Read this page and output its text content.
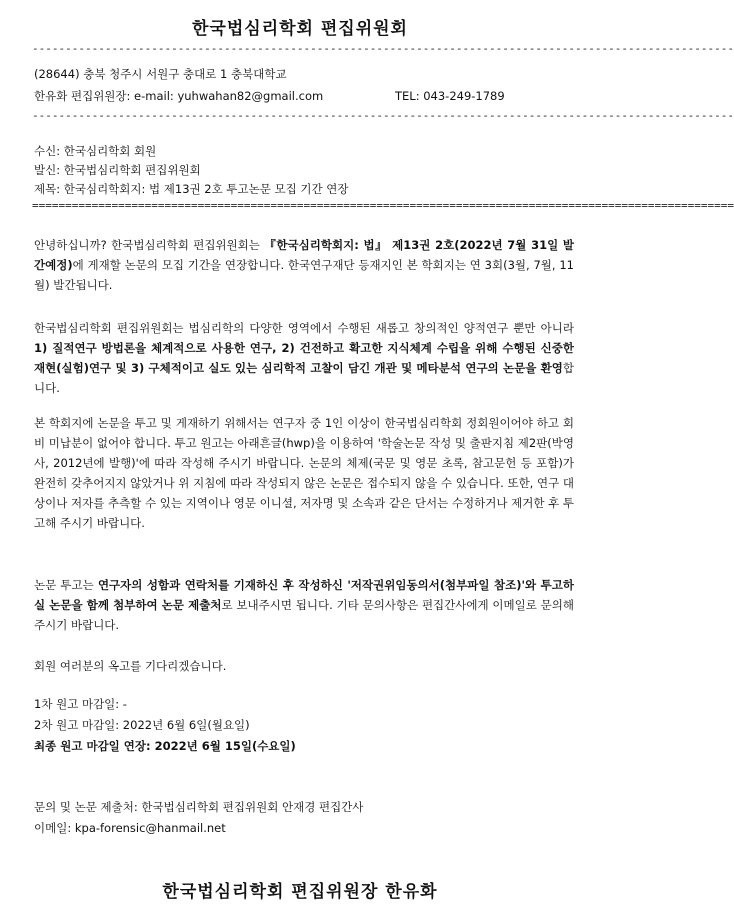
한국법심리학회 편집위원회
----------------------------------------------------------------------------------------------------------
(28644) 충북 청주시 서원구 충대로 1 충북대학교
한유화 편집위원장: e-mail: yuhwahan82@gmail.com	TEL: 043-249-1789
----------------------------------------------------------------------------------------------------------
수신: 한국심리학회 회원
발신: 한국법심리학회 편집위원회
제목: 한국심리학회지: 법 제13권 2호 투고논문 모집 기간 연장
==========================================================================================================
안녕하십니까? 한국법심리학회 편집위원회는 『한국심리학회지: 법』 제13권 2호(2022년 7월 31일 발간예정)에 게재할 논문의 모집 기간을 연장합니다. 한국연구재단 등재지인 본 학회지는 연 3회(3월, 7월, 11월) 발간됩니다.
한국법심리학회 편집위원회는 법심리학의 다양한 영역에서 수행된 새롭고 창의적인 양적연구 뿐만 아니라 1) 질적연구 방법론을 체계적으로 사용한 연구, 2) 건전하고 확고한 지식체계 수립을 위해 수행된 신중한 재현(실험)연구 및 3) 구체적이고 실도 있는 심리학적 고찰이 담긴 개관 및 메타분석 연구의 논문을 환영합니다.
본 학회지에 논문을 투고 및 게재하기 위해서는 연구자 중 1인 이상이 한국법심리학회 정회원이어야 하고 회비 미납분이 없어야 합니다. 투고 원고는 아래흔글(hwp)을 이용하여 '학술논문 작성 및 출판지침 제2판(박영사, 2012년에 발행)'에 따라 작성해 주시기 바랍니다. 논문의 체제(국문 및 영문 초록, 참고문헌 등 포함)가 완전히 갖추어지지 않았거나 위 지침에 따라 작성되지 않은 논문은 접수되지 않을 수 있습니다. 또한, 연구 대상이나 저자를 추측할 수 있는 지역이나 영문 이니셜, 저자명 및 소속과 같은 단서는 수정하거나 제거한 후 투고해 주시기 바랍니다.
논문 투고는 연구자의 성함과 연락처를 기재하신 후 작성하신 '저작권위임동의서(첨부파일 참조)'와 투고하실 논문을 함께 첨부하여 논문 제출처로 보내주시면 됩니다. 기타 문의사항은 편집간사에게 이메일로 문의해 주시기 바랍니다.
회원 여러분의 옥고를 기다리겠습니다.
1차 원고 마감일: -
2차 원고 마감일: 2022년 6월 6일(월요일)
최종 원고 마감일 연장: 2022년 6월 15일(수요일)
문의 및 논문 제출처: 한국법심리학회 편집위원회 안재경 편집간사
이메일: kpa-forensic@hanmail.net
한국법심리학회 편집위원장 한유화
